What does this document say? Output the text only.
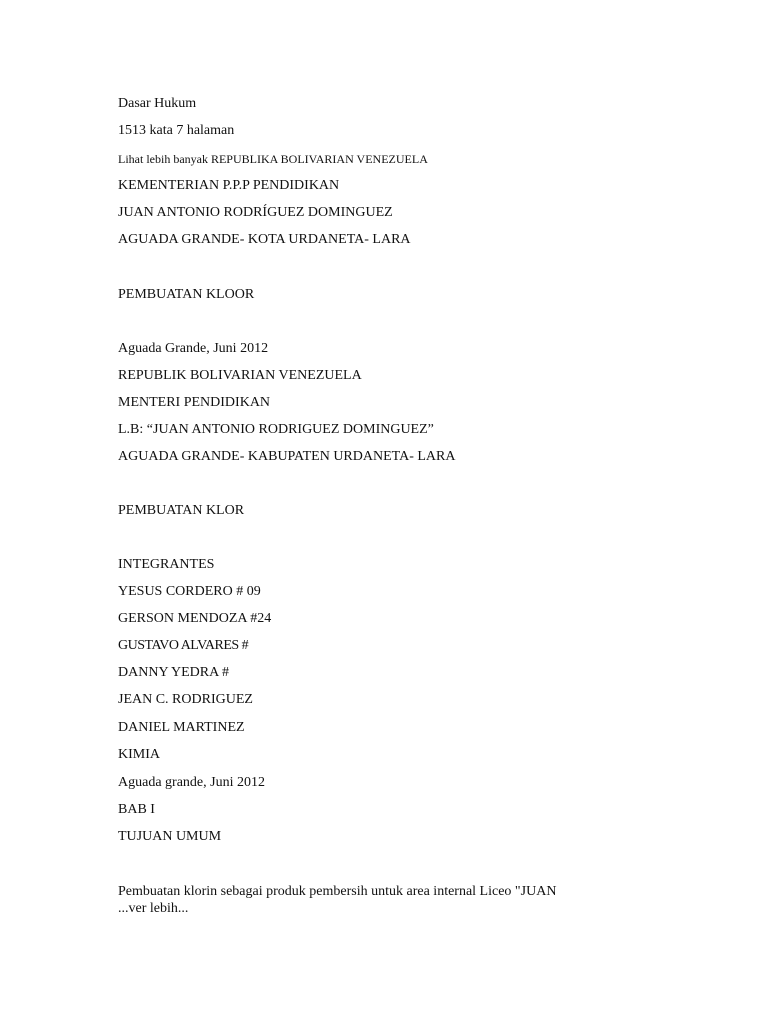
Dasar Hukum
1513 kata 7 halaman
Lihat lebih banyak REPUBLIKA BOLIVARIAN VENEZUELA
KEMENTERIAN P.P.P PENDIDIKAN
JUAN ANTONIO RODRÍGUEZ DOMINGUEZ
AGUADA GRANDE- KOTA URDANETA- LARA
PEMBUATAN KLOOR
Aguada Grande, Juni 2012
REPUBLIK BOLIVARIAN VENEZUELA
MENTERI PENDIDIKAN
L.B: “JUAN ANTONIO RODRIGUEZ DOMINGUEZ”
AGUADA GRANDE- KABUPATEN URDANETA- LARA
PEMBUATAN KLOR
INTEGRANTES
YESUS CORDERO # 09
GERSON MENDOZA #24
GUSTAVO ALVARES #
DANNY YEDRA #
JEAN C. RODRIGUEZ
DANIEL MARTINEZ
KIMIA
Aguada grande, Juni 2012
BAB I
TUJUAN UMUM
Pembuatan klorin sebagai produk pembersih untuk area internal Liceo "JUAN ...ver lebih...
